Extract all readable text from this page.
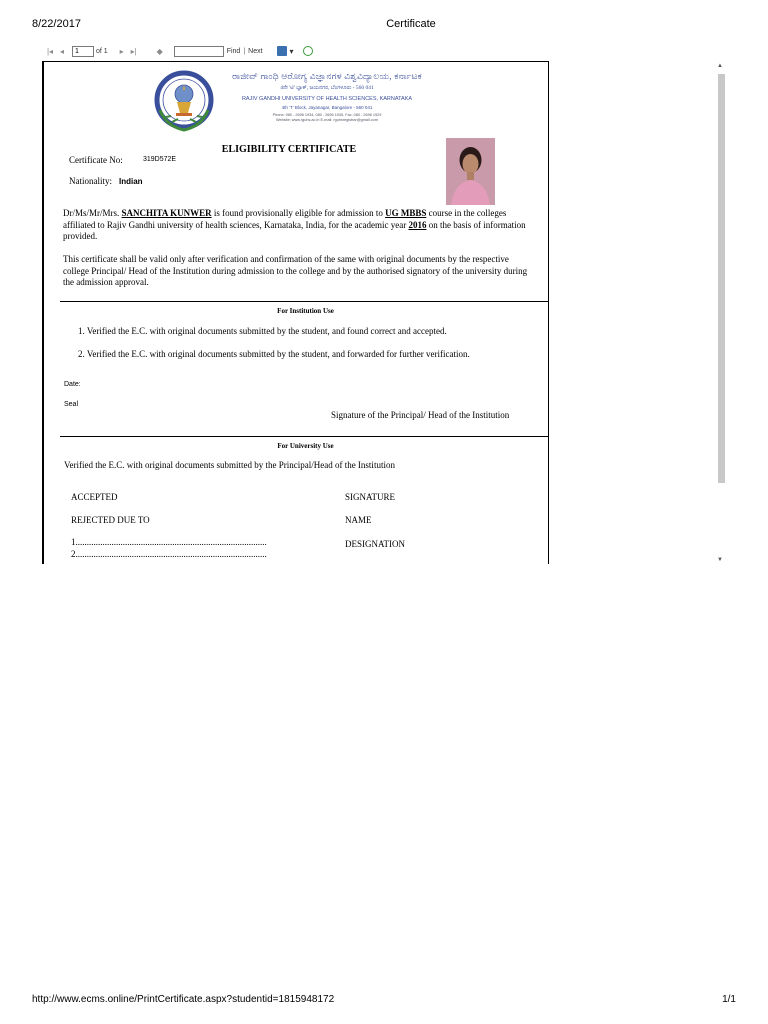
8/22/2017	Certificate
|◂ ◂
1	of 1	▸ ▸|	◆	Find | Next	▾
ರಾಜೀವ್ ಗಾಂಧಿ ಆರೋಗ್ಯ ವಿಜ್ಞಾನಗಳ ವಿಶ್ವವಿದ್ಯಾಲಯ, ಕರ್ನಾಟಕ
4ನೇ 'ಟಿ' ಬ್ಲಾಕ್, ಜಯನಗರ, ಬೆಂಗಳೂರು - 560 041
RAJIV GANDHI UNIVERSITY OF HEALTH SCIENCES, KARNATAKA
4th 'T' Block, Jayanagar, Bangalore - 560 041
Phone: 080 - 2696 1934, 080 - 2696 1935, Fax: 080 - 2696 1929
Website: www.rguhs.ac.in E-mail: rguhsregistrar@gmail.com
ELIGIBILITY CERTIFICATE
Certificate No:	319D572E
Nationality: Indian
Dr/Ms/Mr/Mrs. SANCHITA KUNWER is found provisionally eligible for admission to UG MBBS course in the colleges affiliated to Rajiv Gandhi university of health sciences, Karnataka, India, for the academic year 2016 on the basis of information provided.
This certificate shall be valid only after verification and confirmation of the same with original documents by the respective college Principal/ Head of the Institution during admission to the college and by the authorised signatory of the university during the admission approval.
For Institution Use
1. Verified the E.C. with original documents submitted by the student, and found correct and accepted.
2. Verified the E.C. with original documents submitted by the student, and forwarded for further verification.
Date:
Seal
Signature of the Principal/ Head of the Institution
For University Use
Verified the E.C. with original documents submitted by the Principal/Head of the Institution
ACCEPTED	SIGNATURE
REJECTED DUE TO	NAME
1.....................................................................................	DESIGNATION
2.....................................................................................
▲
▼
http://www.ecms.online/PrintCertificate.aspx?studentid=1815948172	1/1
